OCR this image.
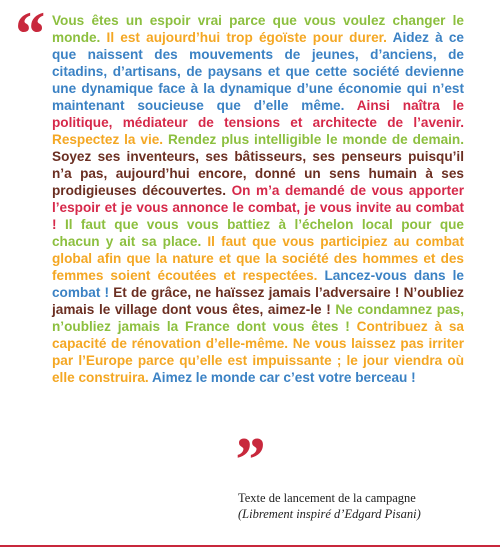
“ Vous êtes un espoir vrai parce que vous voulez changer le monde. Il est aujourd’hui trop égoïste pour durer. Aidez à ce que naissent des mouvements de jeunes, d’anciens, de citadins, d’artisans, de paysans et que cette société devienne une dynamique face à la dynamique d’une économie qui n’est maintenant soucieuse que d’elle même. Ainsi naîtra le politique, médiateur de tensions et architecte de l’avenir. Respectez la vie. Rendez plus intelligible le monde de demain. Soyez ses inventeurs, ses bâtisseurs, ses penseurs puisqu’il n’a pas, aujourd’hui encore, donné un sens humain à ses prodigieuses découvertes. On m’a demandé de vous apporter l’espoir et je vous annonce le combat, je vous invite au combat ! Il faut que vous vous battiez à l’échelon local pour que chacun y ait sa place. Il faut que vous participiez au combat global afin que la nature et que la société des hommes et des femmes soient écoutées et respectées. Lancez-vous dans le combat ! Et de grâce, ne haïssez jamais l’adversaire ! N’oubliez jamais le village dont vous êtes, aimez-le ! Ne condamnez pas, n’oubliez jamais la France dont vous êtes ! Contribuez à sa capacité de rénovation d’elle-même. Ne vous laissez pas irriter par l’Europe parce qu’elle est impuissante ; le jour viendra où elle construira. Aimez le monde car c’est votre berceau !

”
Texte de lancement de la campagne
(Librement inspiré d’Edgard Pisani)
